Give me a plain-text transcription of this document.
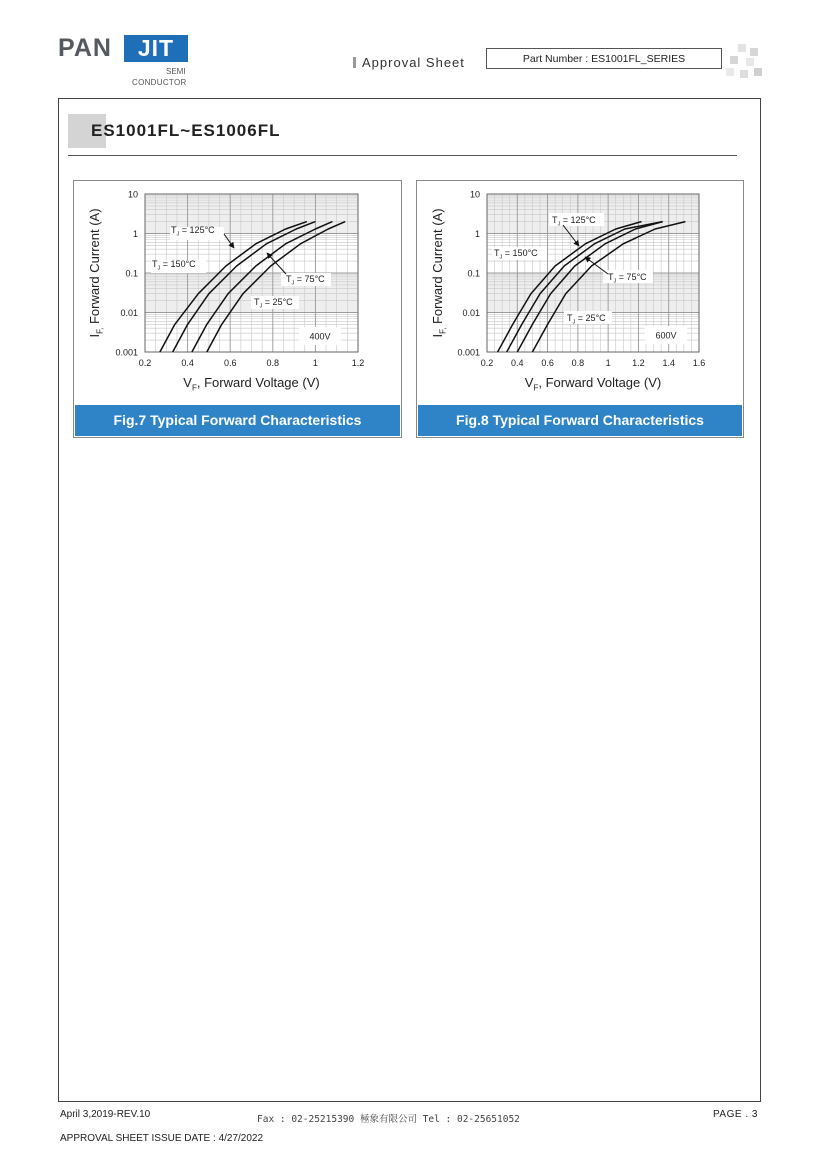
PAN	JIT
SEMI
CONDUCTOR
Approval Sheet	Part Number : ES1001FL_SERIES
ES1001FL~ES1006FL
10
1
0.1
0.01
0.001
0.2	0.4	0.6	0.8	1	1.2
$T_J = 125^\circ C$
$T_J = 150^\circ C$
$T_J = 75^\circ C$
$T_J = 25^\circ C$
400V
$V_F$, Forward Voltage (V)
$I_{F,}$ Forward Current (A)
Fig.7 Typical Forward Characteristics
10
1
0.1
0.01
0.001
0.2 0.4 0.6 0.8 1 1.2 1.4 1.6
$T_J = 125^\circ C$
$T_J = 150^\circ C$
$T_J = 75^\circ C$
$T_J = 25^\circ C$
600V
$V_F$, Forward Voltage (V)
$I_{F,}$ Forward Current (A)
Fig.8 Typical Forward Characteristics
April 3,2019-REV.10	Fax : 02-25215390 極象有限公司 Tel : 02-25651052	PAGE . 3
APPROVAL SHEET ISSUE DATE : 4/27/2022
